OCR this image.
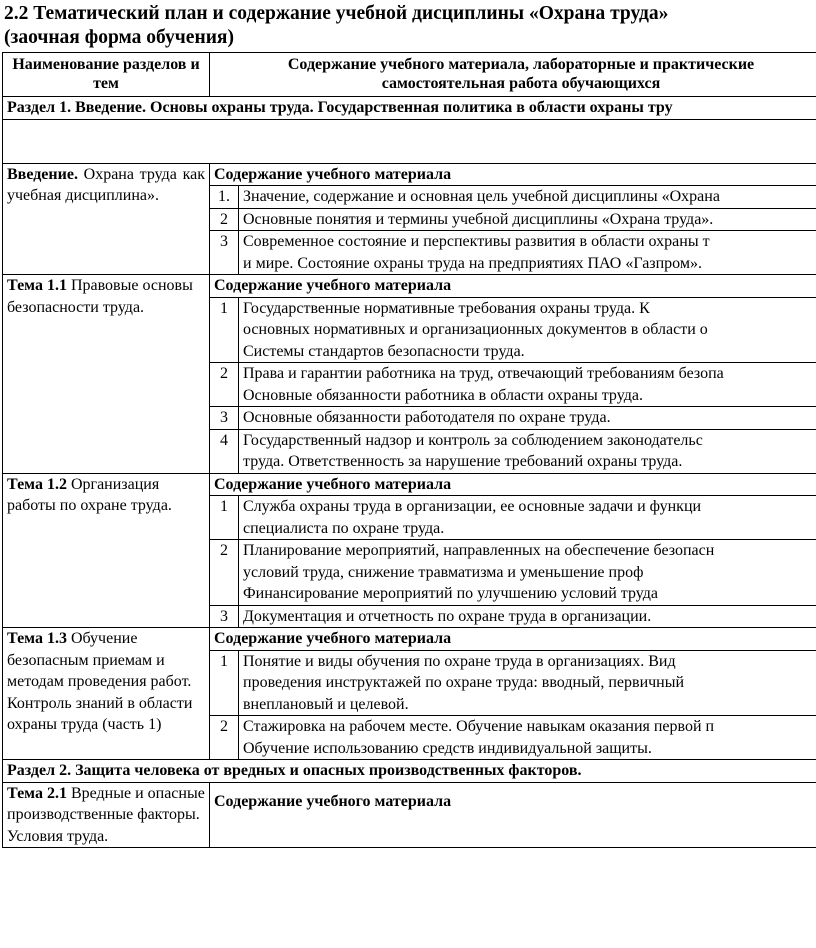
2.2 Тематический план и содержание учебной дисциплины «Охрана труда»
(заочная форма обучения)
Наименование разделов и тем	Содержание учебного материала, лабораторные и практические
самостоятельная работа обучающихся	

Раздел 1. Введение. Основы охраны труда. Государственная политика в области охраны тру		

Введение. Охрана труда как учебная дисциплина».	Содержание учебного материала	
	1.	Значение, содержание и основная цель учебной дисциплины «Охрана
	2	Основные понятия и термины учебной дисциплины «Охрана труда».
	3	Современное состояние и перспективы развития в области охраны т
и мире. Состояние охраны труда на предприятиях ПАО «Газпром».

Тема 1.1 Правовые основы безопасности труда.	Содержание учебного материала	
	1	Государственные нормативные требования охраны труда. К
основных нормативных и организационных документов в области о
Системы стандартов безопасности труда.

	2	Права и гарантии работника на труд, отвечающий требованиям безопа
Основные обязанности работника в области охраны труда.

	3	Основные обязанности работодателя по охране труда.
	4	Государственный надзор и контроль за соблюдением законодательс
труда. Ответственность за нарушение требований охраны труда.

Тема 1.2 Организация работы по охране труда.	Содержание учебного материала	
	1	Служба охраны труда в организации, ее основные задачи и функци
специалиста по охране труда.

	2	Планирование мероприятий, направленных на обеспечение безопасн
условий труда, снижение травматизма и уменьшение проф
Финансирование мероприятий по улучшению условий труда

	3	Документация и отчетность по охране труда в организации.
Тема 1.3 Обучение безопасным приемам и методам проведения работ. Контроль знаний в области охраны труда (часть 1)	Содержание учебного материала	
	1	Понятие и виды обучения по охране труда в организациях. Вид
проведения инструктажей по охране труда: вводный, первичный
внеплановый и целевой.

	2	Стажировка на рабочем месте. Обучение навыкам оказания первой п
Обучение использованию средств индивидуальной защиты.

Раздел 2. Защита человека от вредных и опасных производственных факторов.		
Тема 2.1 Вредные и опасные производственные факторы. Условия труда.	Содержание учебного материала	
